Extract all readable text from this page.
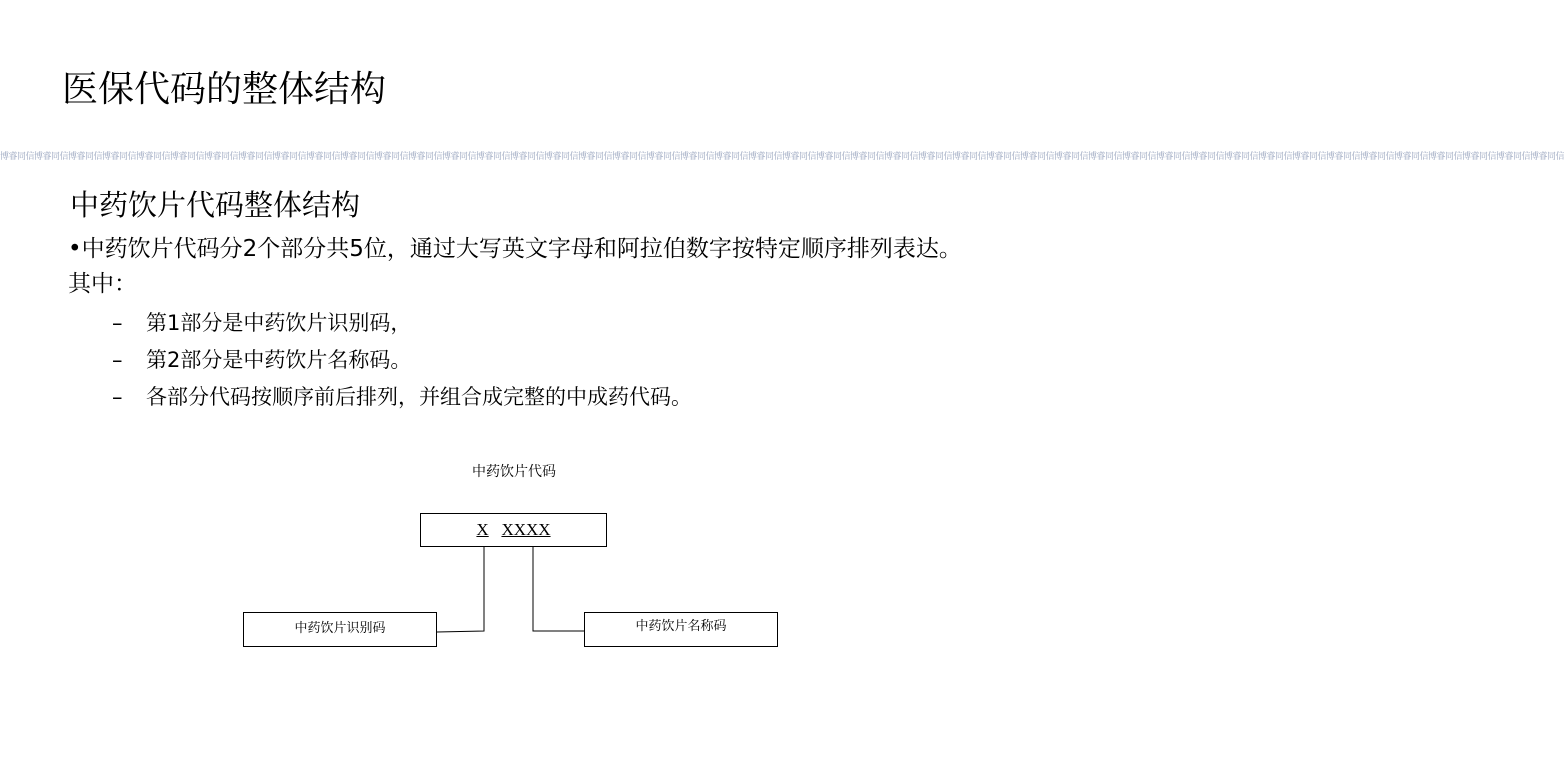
医保代码的整体结构
博睿同信博睿同信博睿同信博睿同信博睿同信博睿同信博睿同信博睿同信博睿同信博睿同信博睿同信博睿同信博睿同信博睿同信博睿同信博睿同信博睿同信博睿同信博睿同信博睿同信博睿同信博睿同信博睿同信博睿同信博睿同信博睿同信博睿同信博睿同信博睿同信博睿同信博睿同信博睿同信博睿同信博睿同信博睿同信博睿同信博睿同信博睿同信博睿同信博睿同信博睿同信博睿同信博睿同信博睿同信博睿同信博睿同信
中药饮片代码整体结构
•中药饮片代码分2个部分共5位，通过大写英文字母和阿拉伯数字按特定顺序排列表达。其中：
– 第1部分是中药饮片识别码，
– 第2部分是中药饮片名称码。
– 各部分代码按顺序前后排列，并组合成完整的中成药代码。
中药饮片代码
X XXXX
中药饮片识别码	中药饮片名称码
